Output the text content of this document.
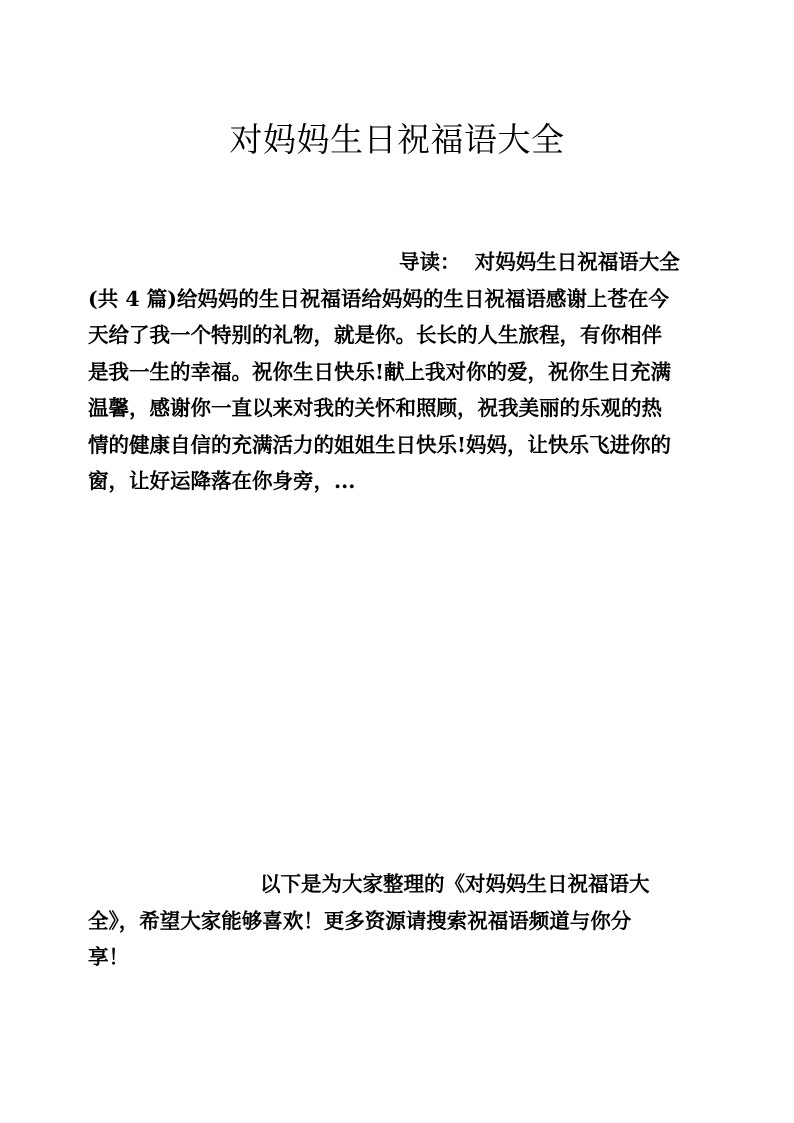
对妈妈生日祝福语大全
导读：  对妈妈生日祝福语大全
(共 4 篇)给妈妈的生日祝福语给妈妈的生日祝福语感谢上苍在今
天给了我一个特别的礼物，就是你。长长的人生旅程，有你相伴
是我一生的幸福。祝你生日快乐!献上我对你的爱，祝你生日充满
温馨，感谢你一直以来对我的关怀和照顾，祝我美丽的乐观的热
情的健康自信的充满活力的姐姐生日快乐!妈妈，让快乐飞进你的
窗，让好运降落在你身旁，...
以下是为大家整理的《对妈妈生日祝福语大
全》，希望大家能够喜欢！更多资源请搜索祝福语频道与你分
享！
